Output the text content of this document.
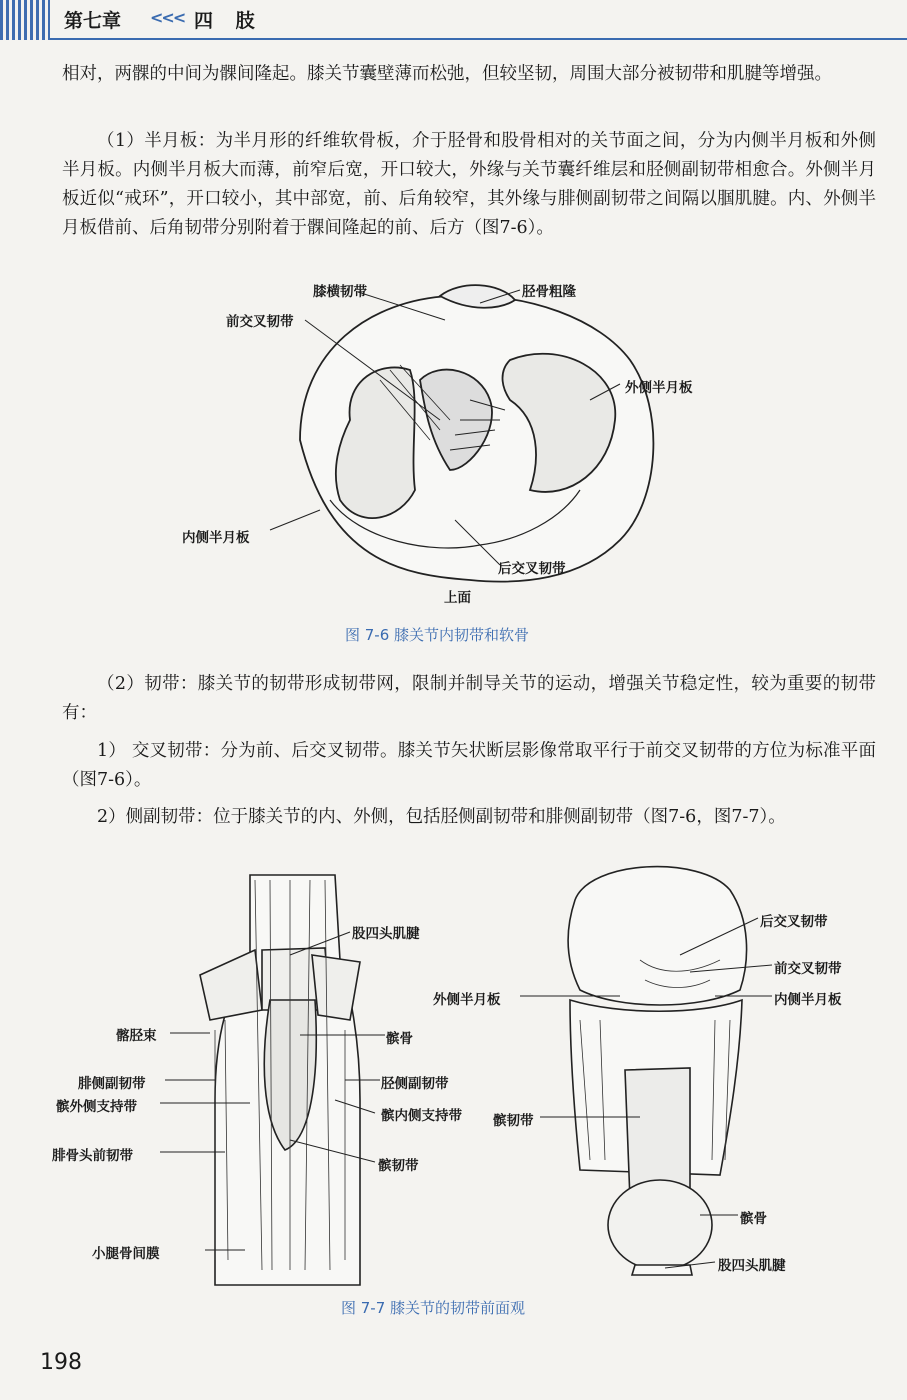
第七章 <<< 四 肢
相对，两髁的中间为髁间隆起。膝关节囊壁薄而松弛，但较坚韧，周围大部分被韧带和肌腱等增强。
（1）半月板：为半月形的纤维软骨板，介于胫骨和股骨相对的关节面之间，分为内侧半月板和外侧半月板。内侧半月板大而薄，前窄后宽，开口较大，外缘与关节囊纤维层和胫侧副韧带相愈合。外侧半月板近似“戒环”，开口较小，其中部宽，前、后角较窄，其外缘与腓侧副韧带之间隔以腘肌腱。内、外侧半月板借前、后角韧带分别附着于髁间隆起的前、后方（图7-6）。
膝横韧带	胫骨粗隆
前交叉韧带
外侧半月板
内侧半月板
后交叉韧带
上面
图 7-6 膝关节内韧带和软骨
（2）韧带：膝关节的韧带形成韧带网，限制并制导关节的运动，增强关节稳定性，较为重要的韧带有：
1） 交叉韧带：分为前、后交叉韧带。膝关节矢状断层影像常取平行于前交叉韧带的方位为标准平面（图7-6）。
2）侧副韧带：位于膝关节的内、外侧，包括胫侧副韧带和腓侧副韧带（图7-6，图7-7）。
股四头肌腱
髂胫束	髌骨
腓侧副韧带	胫侧副韧带
髌外侧支持带
髌内侧支持带
腓骨头前韧带
髌韧带
小腿骨间膜
后交叉韧带
前交叉韧带
外侧半月板	内侧半月板
髌韧带
髌骨
股四头肌腱
图 7-7 膝关节的韧带前面观
198
